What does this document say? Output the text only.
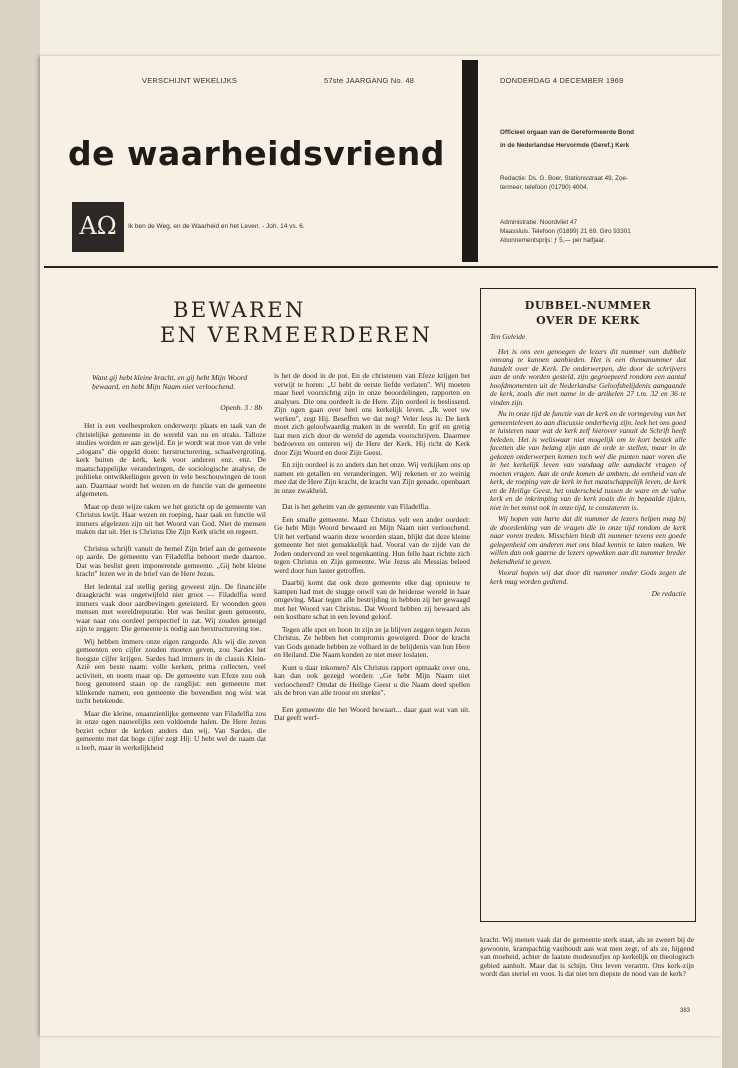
VERSCHIJNT WEKELIJKS	57ste JAARGANG No. 48	DONDERDAG 4 DECEMBER 1969
de waarheidsvriend
AΩ	Ik ben de Weg, en de Waarheid en het Leven. - Joh. 14 vs. 6.
Officieel orgaan van de Gereformeerde Bond
in de Nederlandse Hervormde (Geref.) Kerk
Redactie: Ds. G. Boer, Stationsstraat 49, Zoe-
termeer, telefoon (01790) 4004.
Administratie: Noordvliet 47
Maassluis. Telefoon (01899) 21 69. Giro 93301
Abonnementsprijs: ƒ 5,— per halfjaar.
BEWAREN
EN VERMEERDEREN
Want gij hebt kleine kracht, en gij hebt Mijn Woord bewaard, en hebt Mijn Naam niet verloochend.
Openb. 3 : 8b

Het is een veelbesproken onderwerp: plaats en taak van de christelijke gemeente in de wereld van nu en straks. Talloze studies worden er aan gewijd. En je wordt wat moe van de vele „slogans" die opgeld doen: herstructurering, schaalvergroting, kerk buiten de kerk, kerk voor anderen enz. enz. De maatschappelijke veranderingen, de sociologische analyse, de politieke ontwikkelingen geven in vele beschouwingen de toon aan. Daarnaar wordt het wezen en de functie van de gemeente afgemeten.

Maar op deze wijze raken we het gezicht op de gemeente van Christus kwijt. Haar wezen en roeping, haar taak en functie wil immers afgelezen zijn uit het Woord van God. Niet de mensen maken dat uit. Het is Christus Die Zijn Kerk sticht en regeert.

Christus schrijft vanuit de hemel Zijn brief aan de gemeente op aarde. De gemeente van Filadelfia behoort mede daartoe. Dat was beslist geen imponerende gemeente. „Gij hebt kleine kracht" lezen we in de brief van de Here Jezus.

Het ledental zal stellig gering geweest zijn. De financiële draagkracht was ongetwijfeld niet groot — Filadelfia werd immers vaak door aardbevingen geteisterd. Er woonden geen mensen met wereldreputatie. Het was beslist geen gemeente, waar naar ons oordeel perspectief in zat. Wij zouden geneigd zijn te zeggen: Die gemeente is nodig aan herstructurering toe.

Wij hebben immers onze eigen rangorde. Als wij die zeven gemeenten een cijfer zouden moeten geven, zou Sardes het hoogste cijfer krijgen. Sardes had immers in de classis Klein-Azië een beste naam: volle kerken, prima collecten, veel activiteit, en noem maar op. De gemeente van Efeze zou ook hoog genoteerd staan op de ranglijst: een gemeente met klinkende namen, een gemeente die bovendien nog wist wat tucht betekende.

Maar die kleine, onaanzienlijke gemeente van Filadelfia zou in onze ogen nauwelijks een voldoende halen. De Here Jezus beziet echter de kerken anders dan wij. Van Sardes, die gemeente met dat hoge cijfer zegt Hij: U hebt wel de naam dat u leeft, maar in werkelijkheid

is het de dood in de pot. En de christenen van Efeze krijgen het verwijt te horen: „U hebt de eerste liefde verlaten". Wij moeten maar heel voorzichtig zijn in onze beoordelingen, rapporten en analyses. Die ons oordeelt is de Here. Zijn oordeel is beslissend. Zijn ogen gaan over heel ons kerkelijk leven. „Ik weet uw werken", zegt Hij. Beseffen we dat nog? Veler leus is: De kerk moet zich geloofwaardig maken in de wereld. En grif en gretig laat men zich door de wereld de agenda voorschrijven. Daarmee bedroeven en onteren wij de Here der Kerk. Hij richt de Kerk door Zijn Woord en door Zijn Geest.

En zijn oordeel is zo anders dan het onze. Wij verkijken ons op namen en getallen en veranderingen. Wij rekenen er zo weinig mee dat de Here Zijn kracht, de kracht van Zijn genade, openbaart in onze zwakheid.

Dat is het geheim van de gemeente van Filadelfia.

Een smalle gemeente. Maar Christus velt een ander oordeel: Ge hebt Mijn Woord bewaard en Mijn Naam niet verloochend. Uit het verband waarin deze woorden staan, blijkt dat deze kleine gemeente het niet gemakkelijk had. Vooral van de zijde van de Joden ondervond ze veel tegenkanting. Hun felle haat richtte zich tegen Christus en Zijn gemeente. Wie Jezus als Messias beleed werd door hun laster getroffen.

Daarbij komt dat ook deze gemeente elke dag opnieuw te kampen had met de stugge onwil van de heidense wereld in haar omgeving. Maar tegen alle bestrijding in hebben zij het gewaagd met het Woord van Christus. Dat Woord hebben zij bewaard als een kostbare schat in een levend geloof.

Tegen alle spot en hoon in zijn ze ja blijven zeggen tegen Jezus Christus. Ze hebben het compromis geweigerd. Door de kracht van Gods genade hebben ze volhard in de belijdenis van hun Here en Heiland. Die Naam konden ze niet meer loslaten.

Kunt u daar inkomen? Als Christus rapport opmaakt over ons, kan dan ook gezegd worden: „Ge hebt Mijn Naam niet verloochend? Omdat de Heilige Geest u die Naam deed spellen als de bron van alle troost en sterkte".

Een gemeente die het Woord bewaart... daar gaat wat van uit. Dat geeft werf-

DUBBEL-NUMMER
OVER DE KERK
Ten Geleide

Het is ons een genoegen de lezers dit nummer van dubbele omvang te kunnen aanbieden. Het is een themanummer dat handelt over de Kerk. De onderwerpen, die door de schrijvers aan de orde worden gesteld, zijn gegroepeerd rondom een aantal hoofdmomenten uit de Nederlandse Geloofsbelijdenis aangaande de kerk, zoals die met name in de artikelen 27 t.m. 32 en 36 te vinden zijn.

Nu in onze tijd de functie van de kerk en de vormgeving van het gemeenteleven zo aan discussie onderhevig zijn, leek het ons goed te luisteren naar wat de kerk zelf hierover vanuit de Schrift heeft beleden. Het is weliswaar niet mogelijk om in kort bestek alle facetten die van belang zijn aan de orde te stellen, maar in de gekozen onderwerpen komen toch wel die punten naar voren die in het kerkelijk leven van vandaag alle aandacht vragen of moeten vragen. Aan de orde komen de ambten, de eenheid van de kerk, de roeping van de kerk in het maatschappelijk leven, de kerk en de Heilige Geest, het onderscheid tussen de ware en de valse kerk en de inkrimping van de kerk zoals die in bepaalde tijden, niet in het minst ook in onze tijd, te constateren is.

Wij hopen van harte dat dit nummer de lezers helpen mag bij de doordenking van de vragen die in onze tijd rondom de kerk naar voren treden. Misschien biedt dit nummer tevens een goede gelegenheid om anderen met ons blad kennis te laten maken. We willen dan ook gaarne de lezers opwekken aan dit nummer breder bekendheid te geven.

Vooral hopen wij dat door dit nummer onder Gods zegen de kerk mag worden gediend.

De redactie

kracht. Wij menen vaak dat de gemeente sterk staat, als ze zweert bij de gewoonte, krampachtig vasthoudt aan wat men zegt, of als ze, hijgend van moeheid, achter de laatste modesnufjes op kerkelijk en theologisch gebied aanholt. Maar dat is schijn. Ons leven verarmt. Ons kerk-zijn wordt dan steriel en voos. Is dat niet ten diepste de nood van de kerk?

383
